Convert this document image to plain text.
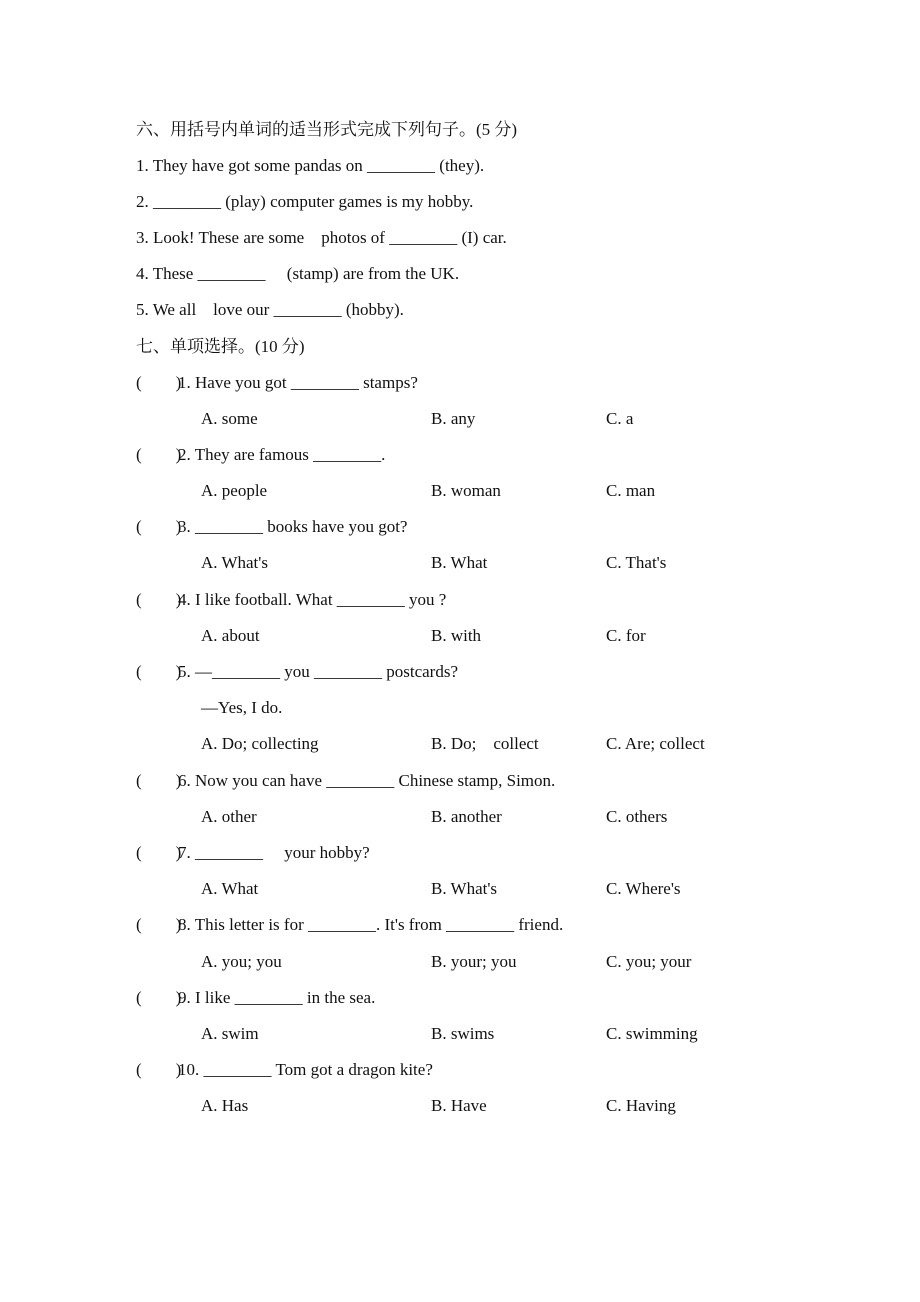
六、用括号内单词的适当形式完成下列句子。(5 分)
1. They have got some pandas on ________ (they).
2. ________ (play) computer games is my hobby.
3. Look! These are some    photos of ________ (I) car.
4. These ________     (stamp) are from the UK.
5. We all    love our ________ (hobby).
七、单项选择。(10 分)
(        )
1. Have you got ________ stamps?
A. some	B. any	C. a
(        )
2. They are famous ________.
A. people	B. woman	C. man
(        )
3. ________ books have you got?
A. What's	B. What	C. That's
(        )
4. I like football. What ________ you ?
A. about	B. with	C. for
(        )
5. —________ you ________ postcards?
—Yes, I do.
A. Do; collecting	B. Do;    collect	C. Are; collect
(        )
6. Now you can have ________ Chinese stamp, Simon.
A. other	B. another	C. others
(        )
7. ________     your hobby?
A. What	B. What's	C. Where's
(        )
8. This letter is for ________. It's from ________ friend.
A. you; you	B. your; you	C. you; your
(        )
9. I like ________ in the sea.
A. swim	B. swims	C. swimming
(        )
10. ________ Tom got a dragon kite?
A. Has	B. Have	C. Having
